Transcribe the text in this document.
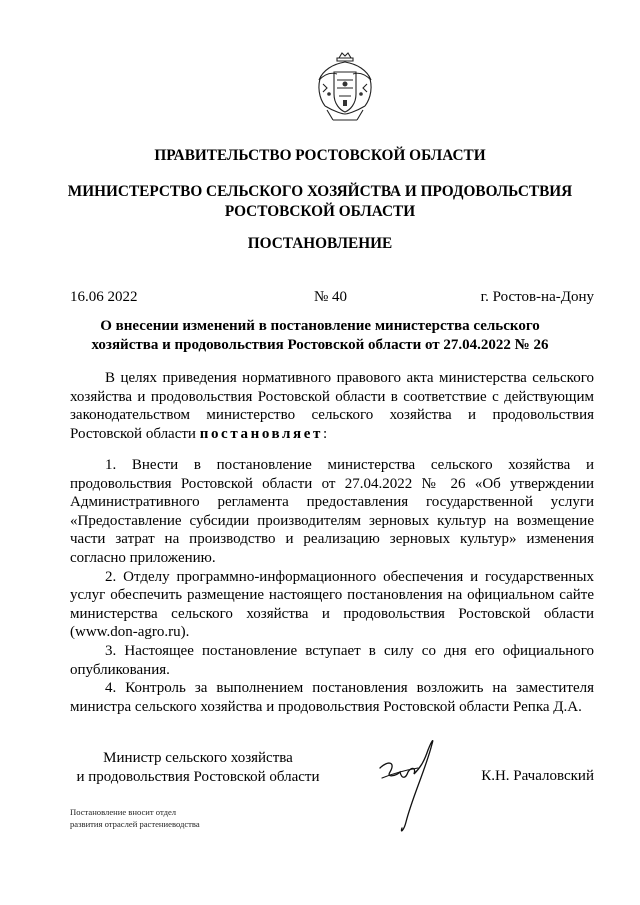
ПРАВИТЕЛЬСТВО РОСТОВСКОЙ ОБЛАСТИ
МИНИСТЕРСТВО СЕЛЬСКОГО ХОЗЯЙСТВА И ПРОДОВОЛЬСТВИЯ
РОСТОВСКОЙ ОБЛАСТИ
ПОСТАНОВЛЕНИЕ
16.06 2022	№ 40	г. Ростов-на-Дону
О внесении изменений в постановление министерства сельского
хозяйства и продовольствия Ростовской области от 27.04.2022 № 26

В целях приведения нормативного правового акта министерства сельского хозяйства и продовольствия Ростовской области в соответствие с действующим законодательством министерство сельского хозяйства и продовольствия Ростовской области постановляет:

1. Внести в постановление министерства сельского хозяйства и продовольствия Ростовской области от 27.04.2022 № 26 «Об утверждении Административного регламента предоставления государственной услуги «Предоставление субсидии производителям зерновых культур на возмещение части затрат на производство и реализацию зерновых культур» изменения согласно приложению.

2. Отделу программно-информационного обеспечения и государственных услуг обеспечить размещение настоящего постановления на официальном сайте министерства сельского хозяйства и продовольствия Ростовской области (www.don-agro.ru).

3. Настоящее постановление вступает в силу со дня его официального опубликования.

4. Контроль за выполнением постановления возложить на заместителя министра сельского хозяйства и продовольствия Ростовской области Репка Д.А.

Министр сельского хозяйства
и продовольствия Ростовской области	К.Н. Рачаловский
Постановление вносит отдел
развития отраслей растениеводства
